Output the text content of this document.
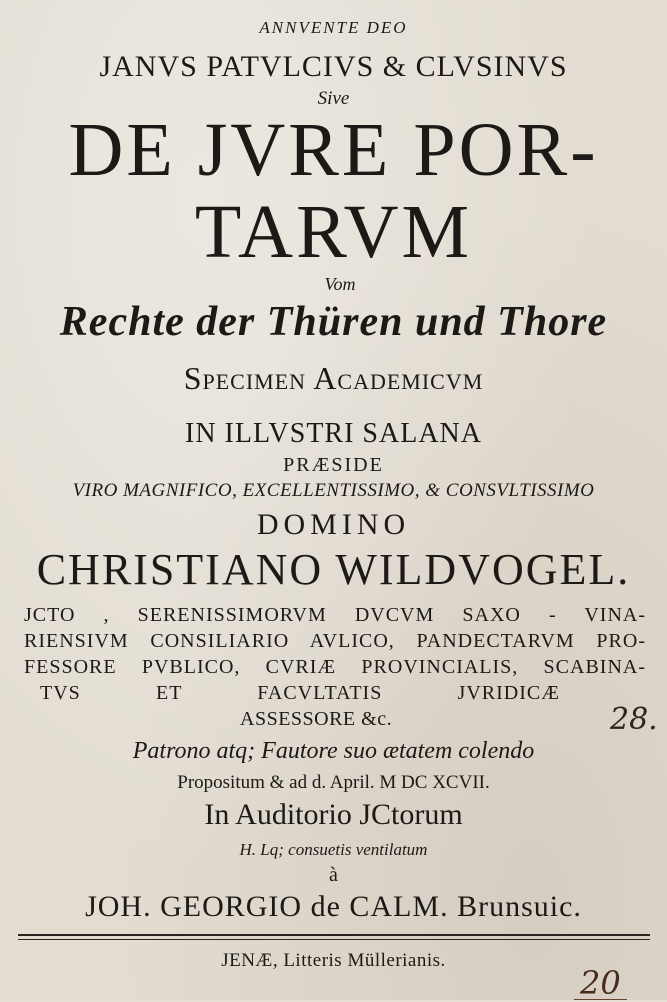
ANNVENTE DEO
JANVS PATVLCIVS & CLVSINVS
Sive
DE JVRE POR-
TARVM
Vom
Rechte der Thüren und Thore
Specimen Academicvm
IN ILLVSTRI SALANA
PRÆSIDE
VIRO MAGNIFICO, EXCELLENTISSIMO, & CONSVLTISSIMO
DOMINO
CHRISTIANO WILDVOGEL.
JCTO , SERENISSIMORVM DVCVM SAXO - VINA-
RIENSIVM CONSILIARIO AVLICO, PANDECTARVM PRO-
FESSORE PVBLICO, CVRIÆ PROVINCIALIS, SCABINA-
TVS ET FACVLTATIS JVRIDICÆ
ASSESSORE &c.	28.
Patrono atq; Fautore suo ætatem colendo
Propositum & ad d. April. M DC XCVII.
In Auditorio JCtorum
H. Lq; consuetis ventilatum
à
JOH. GEORGIO de CALM. Brunsuic.
JENÆ, Litteris Müllerianis.
20
